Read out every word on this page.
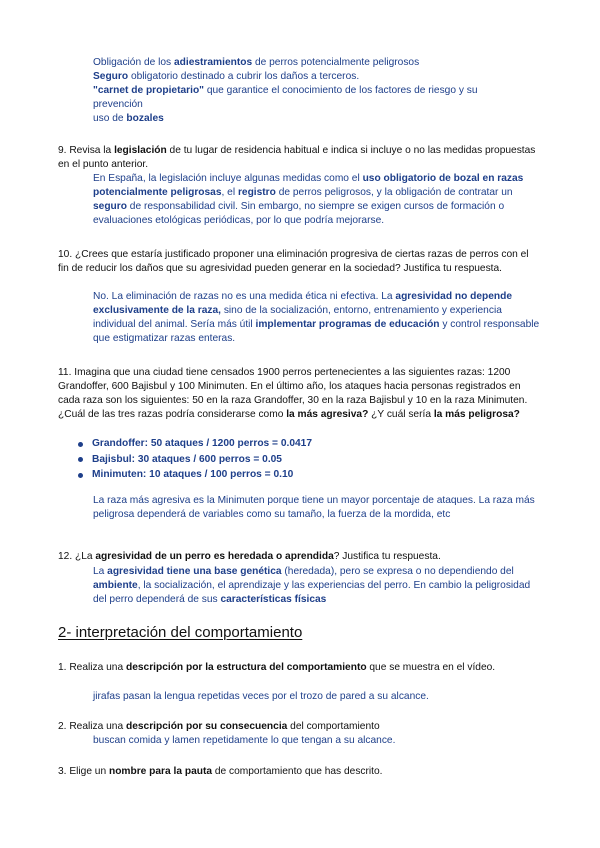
Obligación de los adiestramientos de perros potencialmente peligrosos
Seguro obligatorio destinado a cubrir los daños a terceros.
"carnet de propietario" que garantice el conocimiento de los factores de riesgo y su prevención
uso de bozales
9. Revisa la legislación de tu lugar de residencia habitual e indica si incluye o no las medidas propuestas en el punto anterior.
En España, la legislación incluye algunas medidas como el uso obligatorio de bozal en razas potencialmente peligrosas, el registro de perros peligrosos, y la obligación de contratar un seguro de responsabilidad civil. Sin embargo, no siempre se exigen cursos de formación o evaluaciones etológicas periódicas, por lo que podría mejorarse.
10. ¿Crees que estaría justificado proponer una eliminación progresiva de ciertas razas de perros con el fin de reducir los daños que su agresividad pueden generar en la sociedad? Justifica tu respuesta.
No. La eliminación de razas no es una medida ética ni efectiva. La agresividad no depende exclusivamente de la raza, sino de la socialización, entorno, entrenamiento y experiencia individual del animal. Sería más útil implementar programas de educación y control responsable que estigmatizar razas enteras.
11. Imagina que una ciudad tiene censados 1900 perros pertenecientes a las siguientes razas: 1200 Grandoffer, 600 Bajisbul y 100 Minimuten. En el último año, los ataques hacia personas registrados en cada raza son los siguientes: 50 en la raza Grandoffer, 30 en la raza Bajisbul y 10 en la raza Minimuten. ¿Cuál de las tres razas podría considerarse como la más agresiva? ¿Y cuál sería la más peligrosa?
Grandoffer: 50 ataques / 1200 perros = 0.0417
Bajisbul: 30 ataques / 600 perros = 0.05
Minimuten: 10 ataques / 100 perros = 0.10
La raza más agresiva es la Minimuten porque tiene un mayor porcentaje de ataques. La raza más peligrosa dependerá de variables como su tamaño, la fuerza de la mordida, etc
12. ¿La agresividad de un perro es heredada o aprendida? Justifica tu respuesta.
La agresividad tiene una base genética (heredada), pero se expresa o no dependiendo del ambiente, la socialización, el aprendizaje y las experiencias del perro. En cambio la peligrosidad del perro dependerá de sus características físicas
2- interpretación del comportamiento
1. Realiza una descripción por la estructura del comportamiento que se muestra en el vídeo.
jirafas pasan la lengua repetidas veces por el trozo de pared a su alcance.
2. Realiza una descripción por su consecuencia del comportamiento
buscan comida y lamen repetidamente lo que tengan a su alcance.
3. Elige un nombre para la pauta de comportamiento que has descrito.
